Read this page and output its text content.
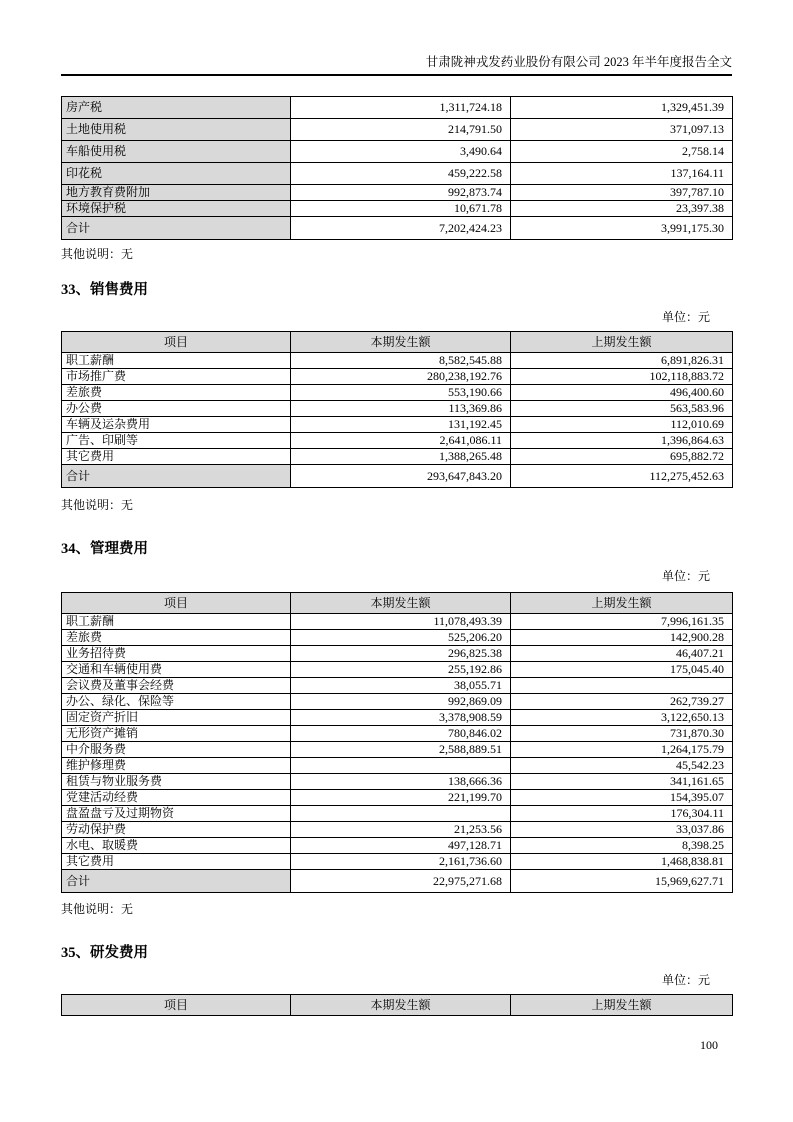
甘肃陇神戎发药业股份有限公司 2023 年半年度报告全文
房产税	1,311,724.18	1,329,451.39
土地使用税	214,791.50	371,097.13
车船使用税	3,490.64	2,758.14
印花税	459,222.58	137,164.11
地方教育费附加	992,873.74	397,787.10
环境保护税	10,671.78	23,397.38
合计	7,202,424.23	3,991,175.30
其他说明：无
33、销售费用
单位：元
项目	本期发生额	上期发生额
职工薪酬	8,582,545.88	6,891,826.31
市场推广费	280,238,192.76	102,118,883.72
差旅费	553,190.66	496,400.60
办公费	113,369.86	563,583.96
车辆及运杂费用	131,192.45	112,010.69
广告、印刷等	2,641,086.11	1,396,864.63
其它费用	1,388,265.48	695,882.72
合计	293,647,843.20	112,275,452.63
其他说明：无
34、管理费用
单位：元
项目	本期发生额	上期发生额
职工薪酬	11,078,493.39	7,996,161.35
差旅费	525,206.20	142,900.28
业务招待费	296,825.38	46,407.21
交通和车辆使用费	255,192.86	175,045.40
会议费及董事会经费	38,055.71	
办公、绿化、保险等	992,869.09	262,739.27
固定资产折旧	3,378,908.59	3,122,650.13
无形资产摊销	780,846.02	731,870.30
中介服务费	2,588,889.51	1,264,175.79
维护修理费		45,542.23
租赁与物业服务费	138,666.36	341,161.65
党建活动经费	221,199.70	154,395.07
盘盈盘亏及过期物资		176,304.11
劳动保护费	21,253.56	33,037.86
水电、取暖费	497,128.71	8,398.25
其它费用	2,161,736.60	1,468,838.81
合计	22,975,271.68	15,969,627.71
其他说明：无
35、研发费用
单位：元
项目	本期发生额	上期发生额
100
